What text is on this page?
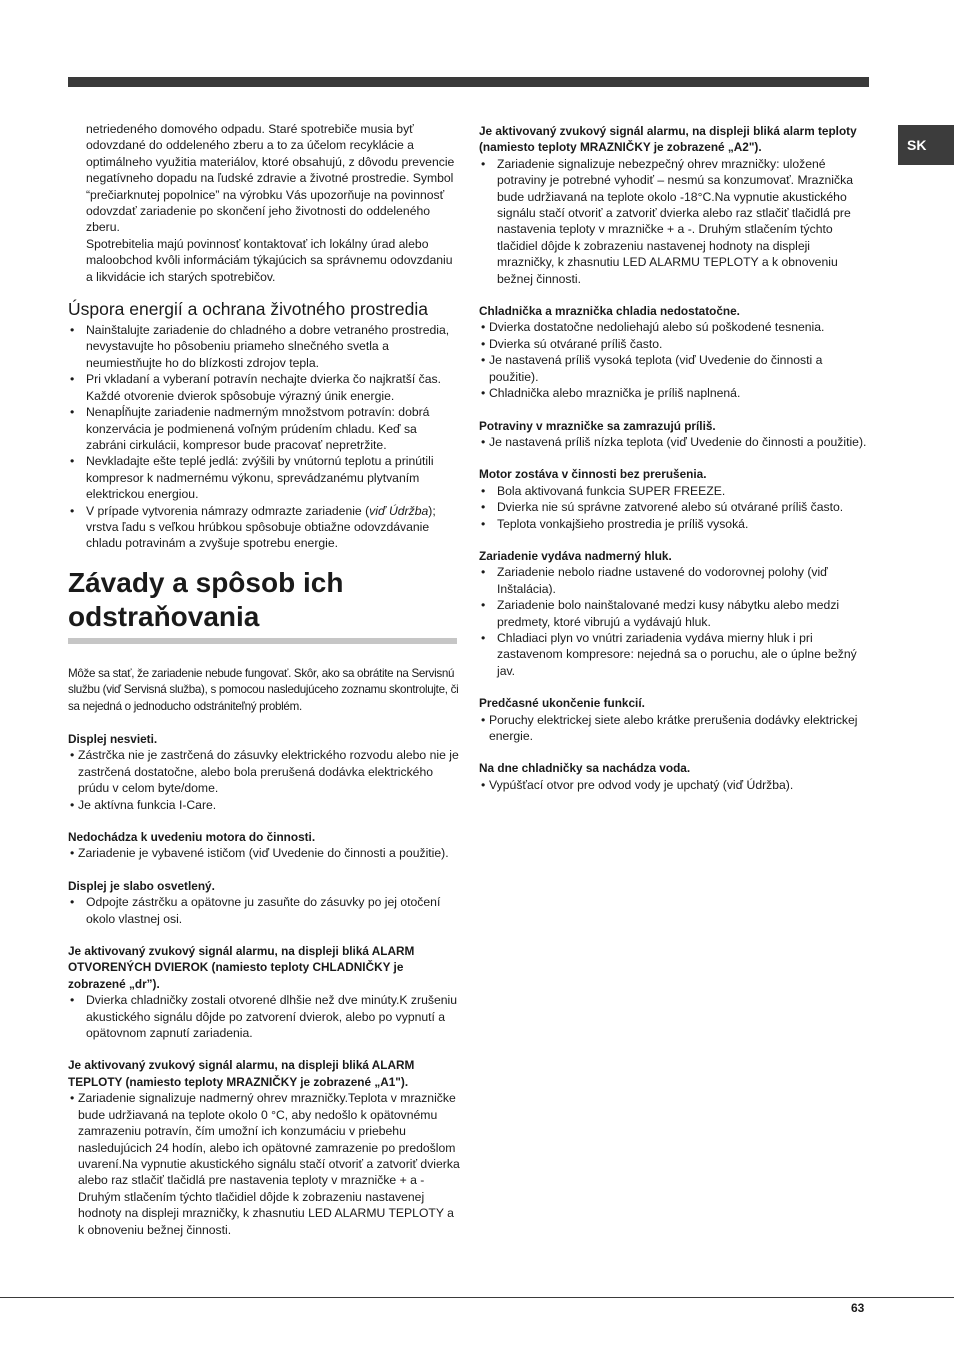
SK

netriedeného domového odpadu. Staré spotrebiče musia byť odovzdané do oddeleného zberu a to za účelom recyklácie a optimálneho využitia materiálov, ktoré obsahujú, z dôvodu prevencie negatívneho dopadu na ľudské zdravie a životné prostredie. Symbol “prečiarknutej popolnice” na výrobku Vás upozorňuje na povinnosť odovzdať zariadenie po skončení jeho životnosti do oddeleného zberu.

Spotrebitelia majú povinnosť kontaktovať ich lokálny úrad alebo maloobchod kvôli informáciám týkajúcich sa správnemu odovzdaniu a likvidácie ich starých spotrebičov.

Úspora energií a ochrana životného prostredia
• Nainštalujte zariadenie do chladného a dobre vetraného prostredia, nevystavujte ho pôsobeniu priameho slnečného svetla a neumiestňujte ho do blízkosti zdrojov tepla.
• Pri vkladaní a vyberaní potravín nechajte dvierka čo najkratší čas. Každé otvorenie dvierok spôsobuje výrazný únik energie.
• Nenapĺňujte zariadenie nadmerným množstvom potravín: dobrá konzervácia je podmienená voľným prúdením chladu. Keď sa zabráni cirkulácii, kompresor bude pracovať nepretržite.
• Nevkladajte ešte teplé jedlá: zvýšili by vnútornú teplotu a prinútili kompresor k nadmernému výkonu, sprevádzanému plytvaním elektrickou energiou.
• V prípade vytvorenia námrazy odmrazte zariadenie (viď Údržba); vrstva ľadu s veľkou hrúbkou spôsobuje obtiažne odovzdávanie chladu potravinám a zvyšuje spotrebu energie.
Závady a spôsob ich
odstraňovania

Môže sa stať, že zariadenie nebude fungovať. Skôr, ako sa obrátite na Servisnú službu (viď Servisná služba), s pomocou nasledujúceho zoznamu skontrolujte, či sa nejedná o jednoducho odstrániteľný problém.

Displej nesvieti.
• Zástrčka nie je zastrčená do zásuvky elektrického rozvodu alebo nie je zastrčená dostatočne, alebo bola prerušená dodávka elektrického prúdu v celom byte/dome.
• Je aktívna funkcia I-Care.
Nedochádza k uvedeniu motora do činnosti.
• Zariadenie je vybavené ističom (viď Uvedenie do činnosti a použitie).
Displej je slabo osvetlený.
• Odpojte zástrčku a opätovne ju zasuňte do zásuvky po jej otočení okolo vlastnej osi.
Je aktivovaný zvukový signál alarmu, na displeji bliká ALARM OTVORENÝCH DVIEROK (namiesto teploty CHLADNIČKY je zobrazené „dr”).
• Dvierka chladničky zostali otvorené dlhšie než dve minúty.K zrušeniu akustického signálu dôjde po zatvorení dvierok, alebo po vypnutí a opätovnom zapnutí zariadenia.
Je aktivovaný zvukový signál alarmu, na displeji bliká ALARM TEPLOTY (namiesto teploty MRAZNIČKY je zobrazené „A1").
• Zariadenie signalizuje nadmerný ohrev mrazničky.Teplota v mrazničke bude udržiavaná na teplote okolo 0 °C, aby nedošlo k opätovnému zamrazeniu potravín, čím umožní ich konzumáciu v priebehu nasledujúcich 24 hodín, alebo ich opätovné zamrazenie po predošlom uvarení.Na vypnutie akustického signálu stačí otvoriť a zatvoriť dvierka alebo raz stlačiť tlačidlá pre nastavenia teploty v mrazničke + a -Druhým stlačením týchto tlačidiel dôjde k zobrazeniu nastavenej hodnoty na displeji mrazničky, k zhasnutiu LED ALARMU TEPLOTY a k obnoveniu bežnej činnosti.
Je aktivovaný zvukový signál alarmu, na displeji bliká alarm teploty (namiesto teploty MRAZNIČKY je zobrazené „A2").
• Zariadenie signalizuje nebezpečný ohrev mrazničky: uložené potraviny je potrebné vyhodiť – nesmú sa konzumovať. Mraznička bude udržiavaná na teplote okolo -18°C.Na vypnutie akustického signálu stačí otvoriť a zatvoriť dvierka alebo raz stlačiť tlačidlá pre nastavenia teploty v mrazničke + a -. Druhým stlačením týchto tlačidiel dôjde k zobrazeniu nastavenej hodnoty na displeji mrazničky, k zhasnutiu LED ALARMU TEPLOTY a k obnoveniu bežnej činnosti.
Chladnička a mraznička chladia nedostatočne.
• Dvierka dostatočne nedoliehajú alebo sú poškodené tesnenia.
• Dvierka sú otvárané príliš často.
• Je nastavená príliš vysoká teplota (viď Uvedenie do činnosti a použitie).
• Chladnička alebo mraznička je príliš naplnená.
Potraviny v mrazničke sa zamrazujú príliš.
• Je nastavená príliš nízka teplota (viď Uvedenie do činnosti a použitie).
Motor zostáva v činnosti bez prerušenia.
• Bola aktivovaná funkcia SUPER FREEZE.
• Dvierka nie sú správne zatvorené alebo sú otvárané príliš často.
• Teplota vonkajšieho prostredia je príliš vysoká.
Zariadenie vydáva nadmerný hluk.
• Zariadenie nebolo riadne ustavené do vodorovnej polohy (viď Inštalácia).
• Zariadenie bolo nainštalované medzi kusy nábytku alebo medzi predmety, ktoré vibrujú a vydávajú hluk.
• Chladiaci plyn vo vnútri zariadenia vydáva mierny hluk i pri zastavenom kompresore: nejedná sa o poruchu, ale o úplne bežný jav.
Predčasné ukončenie funkcií.
• Poruchy elektrickej siete alebo krátke prerušenia dodávky elektrickej energie.
Na dne chladničky sa nachádza voda.
• Vypúšťací otvor pre odvod vody je upchatý (viď Údržba).
63
